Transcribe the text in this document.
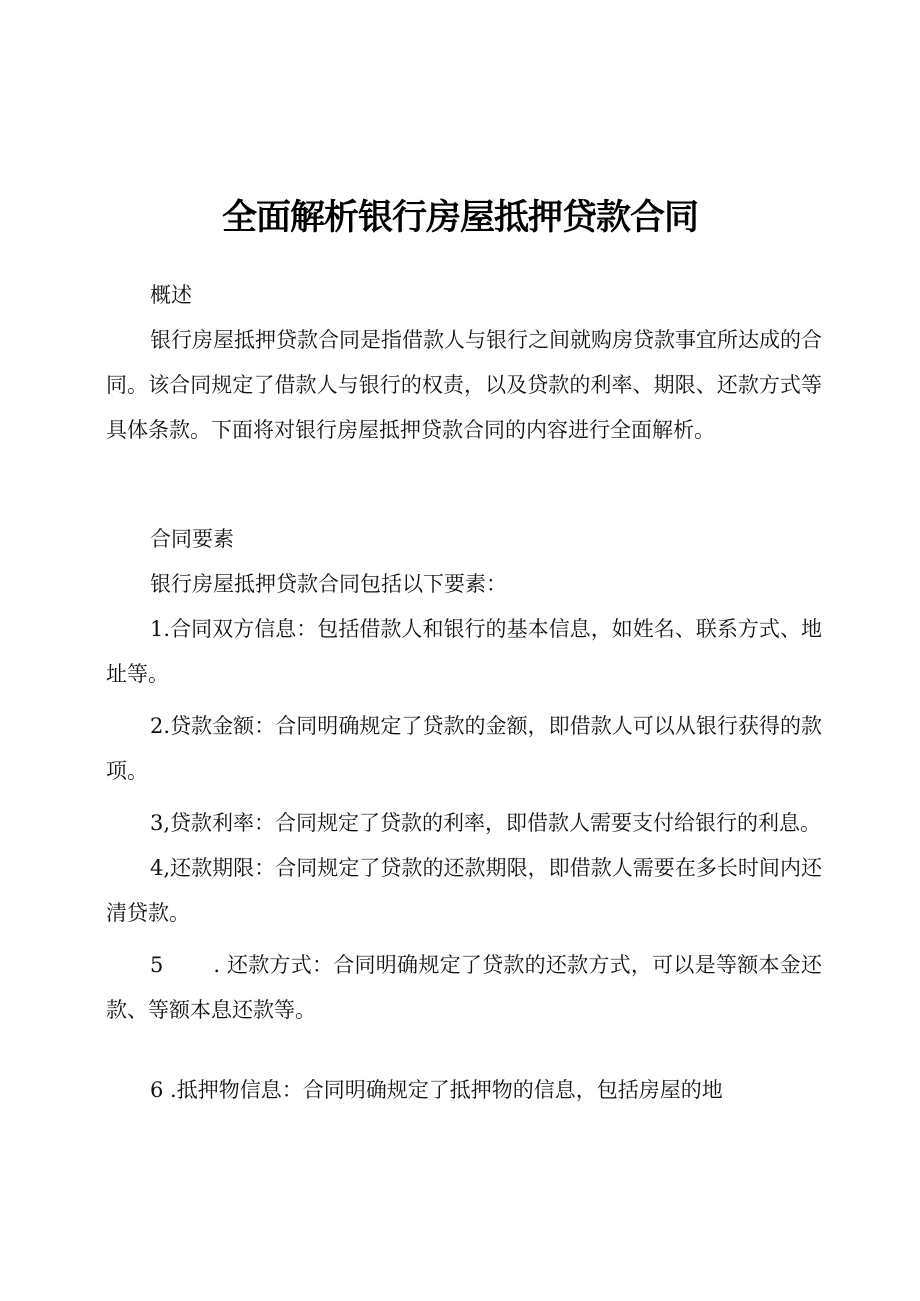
全面解析银行房屋抵押贷款合同

概述

银行房屋抵押贷款合同是指借款人与银行之间就购房贷款事宜所达成的合同。该合同规定了借款人与银行的权责，以及贷款的利率、期限、还款方式等具体条款。下面将对银行房屋抵押贷款合同的内容进行全面解析。

合同要素

银行房屋抵押贷款合同包括以下要素：

1.合同双方信息：包括借款人和银行的基本信息，如姓名、联系方式、地址等。

2.贷款金额：合同明确规定了贷款的金额，即借款人可以从银行获得的款项。

3,贷款利率：合同规定了贷款的利率，即借款人需要支付给银行的利息。

4,还款期限：合同规定了贷款的还款期限，即借款人需要在多长时间内还清贷款。

5 . 还款方式：合同明确规定了贷款的还款方式，可以是等额本金还款、等额本息还款等。

6 .抵押物信息：合同明确规定了抵押物的信息，包括房屋的地
